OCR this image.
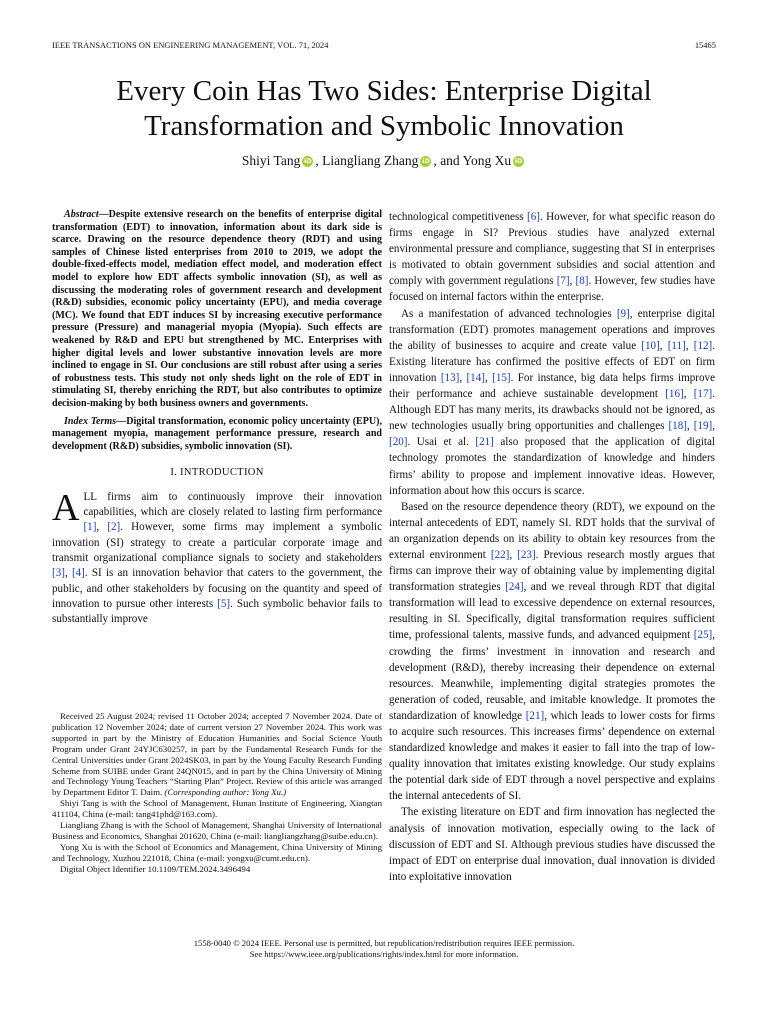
IEEE TRANSACTIONS ON ENGINEERING MANAGEMENT, VOL. 71, 2024	15465
Every Coin Has Two Sides: Enterprise Digital
Transformation and Symbolic Innovation
Shiyi Tang iD , Liangliang Zhang iD , and Yong Xu iD

Abstract—Despite extensive research on the benefits of enterprise digital transformation (EDT) to innovation, information about its dark side is scarce. Drawing on the resource dependence theory (RDT) and using samples of Chinese listed enterprises from 2010 to 2019, we adopt the double-fixed-effects model, mediation effect model, and moderation effect model to explore how EDT affects symbolic innovation (SI), as well as discussing the moderating roles of government research and development (R&D) subsidies, economic policy uncertainty (EPU), and media coverage (MC). We found that EDT induces SI by increasing executive performance pressure (Pressure) and managerial myopia (Myopia). Such effects are weakened by R&D and EPU but strengthened by MC. Enterprises with higher digital levels and lower substantive innovation levels are more inclined to engage in SI. Our conclusions are still robust after using a series of robustness tests. This study not only sheds light on the role of EDT in stimulating SI, thereby enriching the RDT, but also contributes to optimize decision-making by both business owners and governments.

Index Terms—Digital transformation, economic policy uncertainty (EPU), management myopia, management performance pressure, research and development (R&D) subsidies, symbolic innovation (SI).

I. INTRODUCTION

ALL firms aim to continuously improve their innovation capabilities, which are closely related to lasting firm performance [1], [2]. However, some firms may implement a symbolic innovation (SI) strategy to create a particular corporate image and transmit organizational compliance signals to society and stakeholders [3], [4]. SI is an innovation behavior that caters to the government, the public, and other stakeholders by focusing on the quantity and speed of innovation to pursue other interests [5]. Such symbolic behavior fails to substantially improve

Received 25 August 2024; revised 11 October 2024; accepted 7 November 2024. Date of publication 12 November 2024; date of current version 27 November 2024. This work was supported in part by the Ministry of Education Humanities and Social Science Youth Program under Grant 24YJC630257, in part by the Fundamental Research Funds for the Central Universities under Grant 2024SK03, in part by the Young Faculty Research Funding Scheme from SUIBE under Grant 24QN015, and in part by the China University of Mining and Technology Young Teachers “Starting Plan” Project. Review of this article was arranged by Department Editor T. Daim. (Corresponding author: Yong Xu.)

Shiyi Tang is with the School of Management, Hunan Institute of Engineering, Xiangtan 411104, China (e-mail: tang41phd@163.com).

Liangliang Zhang is with the School of Management, Shanghai University of International Business and Economics, Shanghai 201620, China (e-mail: liangliangzhang@suibe.edu.cn).

Yong Xu is with the School of Economics and Management, China University of Mining and Technology, Xuzhou 221018, China (e-mail: yongxu@cumt.edu.cn).

Digital Object Identifier 10.1109/TEM.2024.3496494

technological competitiveness [6]. However, for what specific reason do firms engage in SI? Previous studies have analyzed external environmental pressure and compliance, suggesting that SI in enterprises is motivated to obtain government subsidies and social attention and comply with government regulations [7], [8]. However, few studies have focused on internal factors within the enterprise.

As a manifestation of advanced technologies [9], enterprise digital transformation (EDT) promotes management operations and improves the ability of businesses to acquire and create value [10], [11], [12]. Existing literature has confirmed the positive effects of EDT on firm innovation [13], [14], [15]. For instance, big data helps firms improve their performance and achieve sustainable development [16], [17]. Although EDT has many merits, its drawbacks should not be ignored, as new technologies usually bring opportunities and challenges [18], [19], [20]. Usai et al. [21] also proposed that the application of digital technology promotes the standardization of knowledge and hinders firms’ ability to propose and implement innovative ideas. However, information about how this occurs is scarce.

Based on the resource dependence theory (RDT), we expound on the internal antecedents of EDT, namely SI. RDT holds that the survival of an organization depends on its ability to obtain key resources from the external environment [22], [23]. Previous research mostly argues that firms can improve their way of obtaining value by implementing digital transformation strategies [24], and we reveal through RDT that digital transformation will lead to excessive dependence on external resources, resulting in SI. Specifically, digital transformation requires sufficient time, professional talents, massive funds, and advanced equipment [25], crowding the firms’ investment in innovation and research and development (R&D), thereby increasing their dependence on external resources. Meanwhile, implementing digital strategies promotes the generation of coded, reusable, and imitable knowledge. It promotes the standardization of knowledge [21], which leads to lower costs for firms to acquire such resources. This increases firms’ dependence on external standardized knowledge and makes it easier to fall into the trap of low-quality innovation that imitates existing knowledge. Our study explains the potential dark side of EDT through a novel perspective and explains the internal antecedents of SI.

The existing literature on EDT and firm innovation has neglected the analysis of innovation motivation, especially owing to the lack of discussion of EDT and SI. Although previous studies have discussed the impact of EDT on enterprise dual innovation, dual innovation is divided into exploitative innovation

1558-0040 © 2024 IEEE. Personal use is permitted, but republication/redistribution requires IEEE permission.
See https://www.ieee.org/publications/rights/index.html for more information.
